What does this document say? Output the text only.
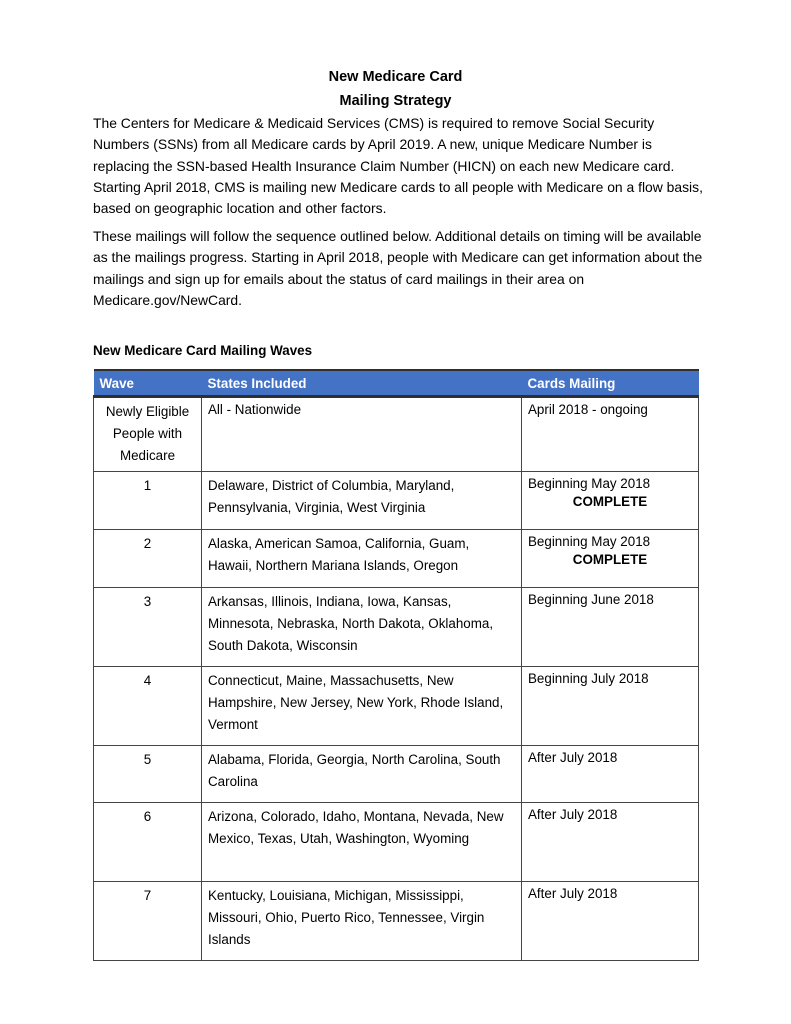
New Medicare Card
Mailing Strategy

The Centers for Medicare & Medicaid Services (CMS) is required to remove Social Security Numbers (SSNs) from all Medicare cards by April 2019. A new, unique Medicare Number is replacing the SSN-based Health Insurance Claim Number (HICN) on each new Medicare card. Starting April 2018, CMS is mailing new Medicare cards to all people with Medicare on a flow basis, based on geographic location and other factors.

These mailings will follow the sequence outlined below. Additional details on timing will be available as the mailings progress. Starting in April 2018, people with Medicare can get information about the mailings and sign up for emails about the status of card mailings in their area on Medicare.gov/NewCard.

New Medicare Card Mailing Waves
Wave	States Included	Cards Mailing
Newly Eligible People with Medicare	All - Nationwide	April 2018 - ongoing

1	Delaware, District of Columbia, Maryland, Pennsylvania, Virginia, West Virginia	Beginning May 2018
COMPLETE

2	Alaska, American Samoa, California, Guam, Hawaii, Northern Mariana Islands, Oregon	Beginning May 2018
COMPLETE

3	Arkansas, Illinois, Indiana, Iowa, Kansas, Minnesota, Nebraska, North Dakota, Oklahoma, South Dakota, Wisconsin	Beginning June 2018

4	Connecticut, Maine, Massachusetts, New Hampshire, New Jersey, New York, Rhode Island, Vermont	Beginning July 2018

5	Alabama, Florida, Georgia, North Carolina, South Carolina	After July 2018

6	Arizona, Colorado, Idaho, Montana, Nevada, New Mexico, Texas, Utah, Washington, Wyoming	After July 2018

7	Kentucky, Louisiana, Michigan, Mississippi, Missouri, Ohio, Puerto Rico, Tennessee, Virgin Islands	After July 2018
